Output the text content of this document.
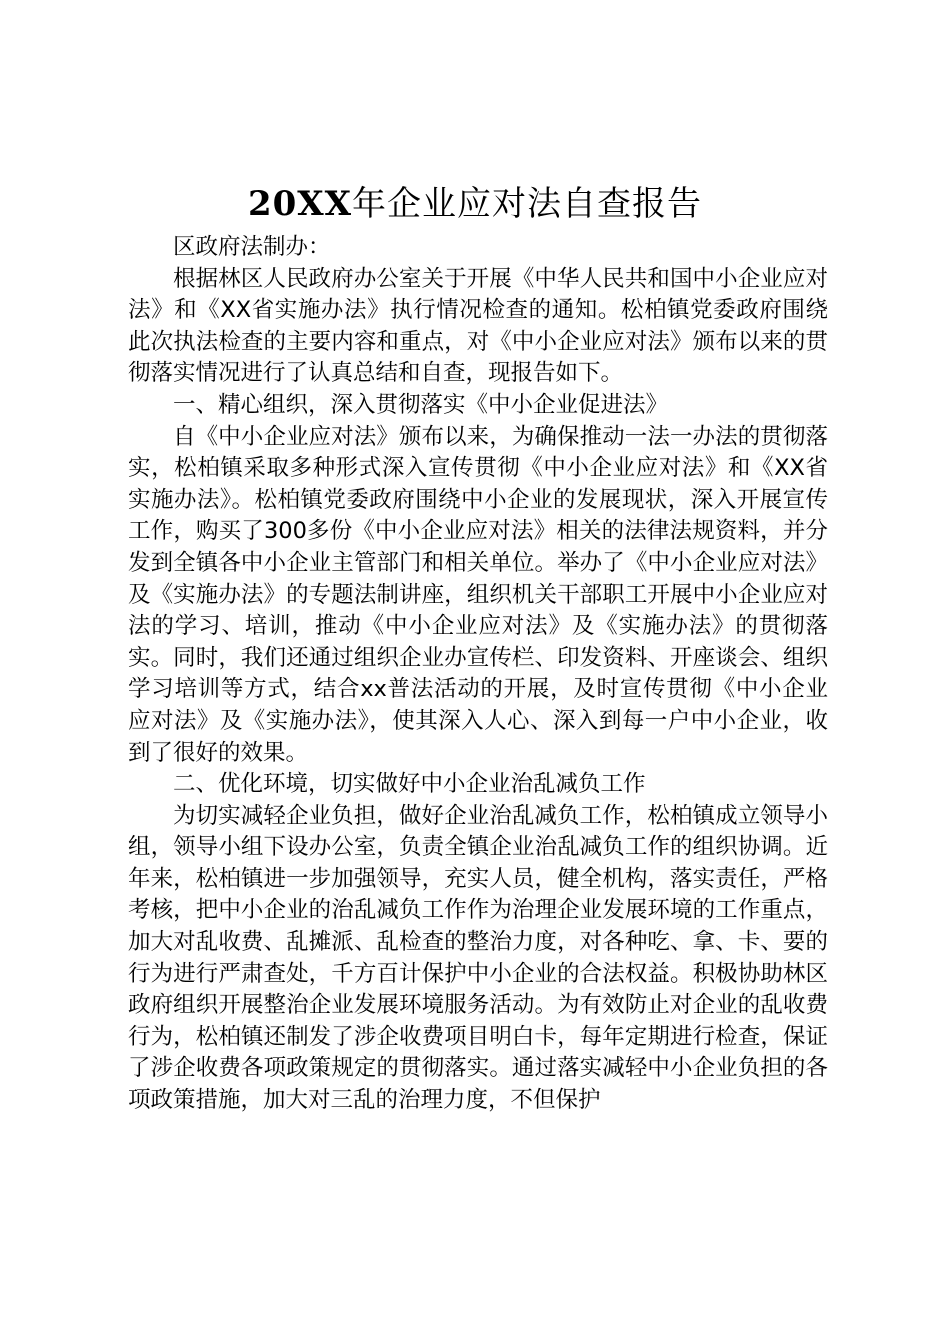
20XX年企业应对法自查报告

区政府法制办：

根据林区人民政府办公室关于开展《中华人民共和国中小企业应对法》和《XX省实施办法》执行情况检查的通知。松柏镇党委政府围绕此次执法检查的主要内容和重点，对《中小企业应对法》颁布以来的贯彻落实情况进行了认真总结和自查，现报告如下。

一、精心组织，深入贯彻落实《中小企业促进法》

自《中小企业应对法》颁布以来，为确保推动一法一办法的贯彻落实，松柏镇采取多种形式深入宣传贯彻《中小企业应对法》和《XX省实施办法》。松柏镇党委政府围绕中小企业的发展现状，深入开展宣传工作，购买了300多份《中小企业应对法》相关的法律法规资料，并分发到全镇各中小企业主管部门和相关单位。举办了《中小企业应对法》及《实施办法》的专题法制讲座，组织机关干部职工开展中小企业应对法的学习、培训，推动《中小企业应对法》及《实施办法》的贯彻落实。同时，我们还通过组织企业办宣传栏、印发资料、开座谈会、组织学习培训等方式，结合xx普法活动的开展，及时宣传贯彻《中小企业应对法》及《实施办法》，使其深入人心、深入到每一户中小企业，收到了很好的效果。

二、优化环境，切实做好中小企业治乱减负工作

为切实减轻企业负担，做好企业治乱减负工作，松柏镇成立领导小组，领导小组下设办公室，负责全镇企业治乱减负工作的组织协调。近年来，松柏镇进一步加强领导，充实人员，健全机构，落实责任，严格考核，把中小企业的治乱减负工作作为治理企业发展环境的工作重点，加大对乱收费、乱摊派、乱检查的整治力度，对各种吃、拿、卡、要的行为进行严肃查处，千方百计保护中小企业的合法权益。积极协助林区政府组织开展整治企业发展环境服务活动。为有效防止对企业的乱收费行为，松柏镇还制发了涉企收费项目明白卡，每年定期进行检查，保证了涉企收费各项政策规定的贯彻落实。通过落实减轻中小企业负担的各项政策措施，加大对三乱的治理力度，不但保护
